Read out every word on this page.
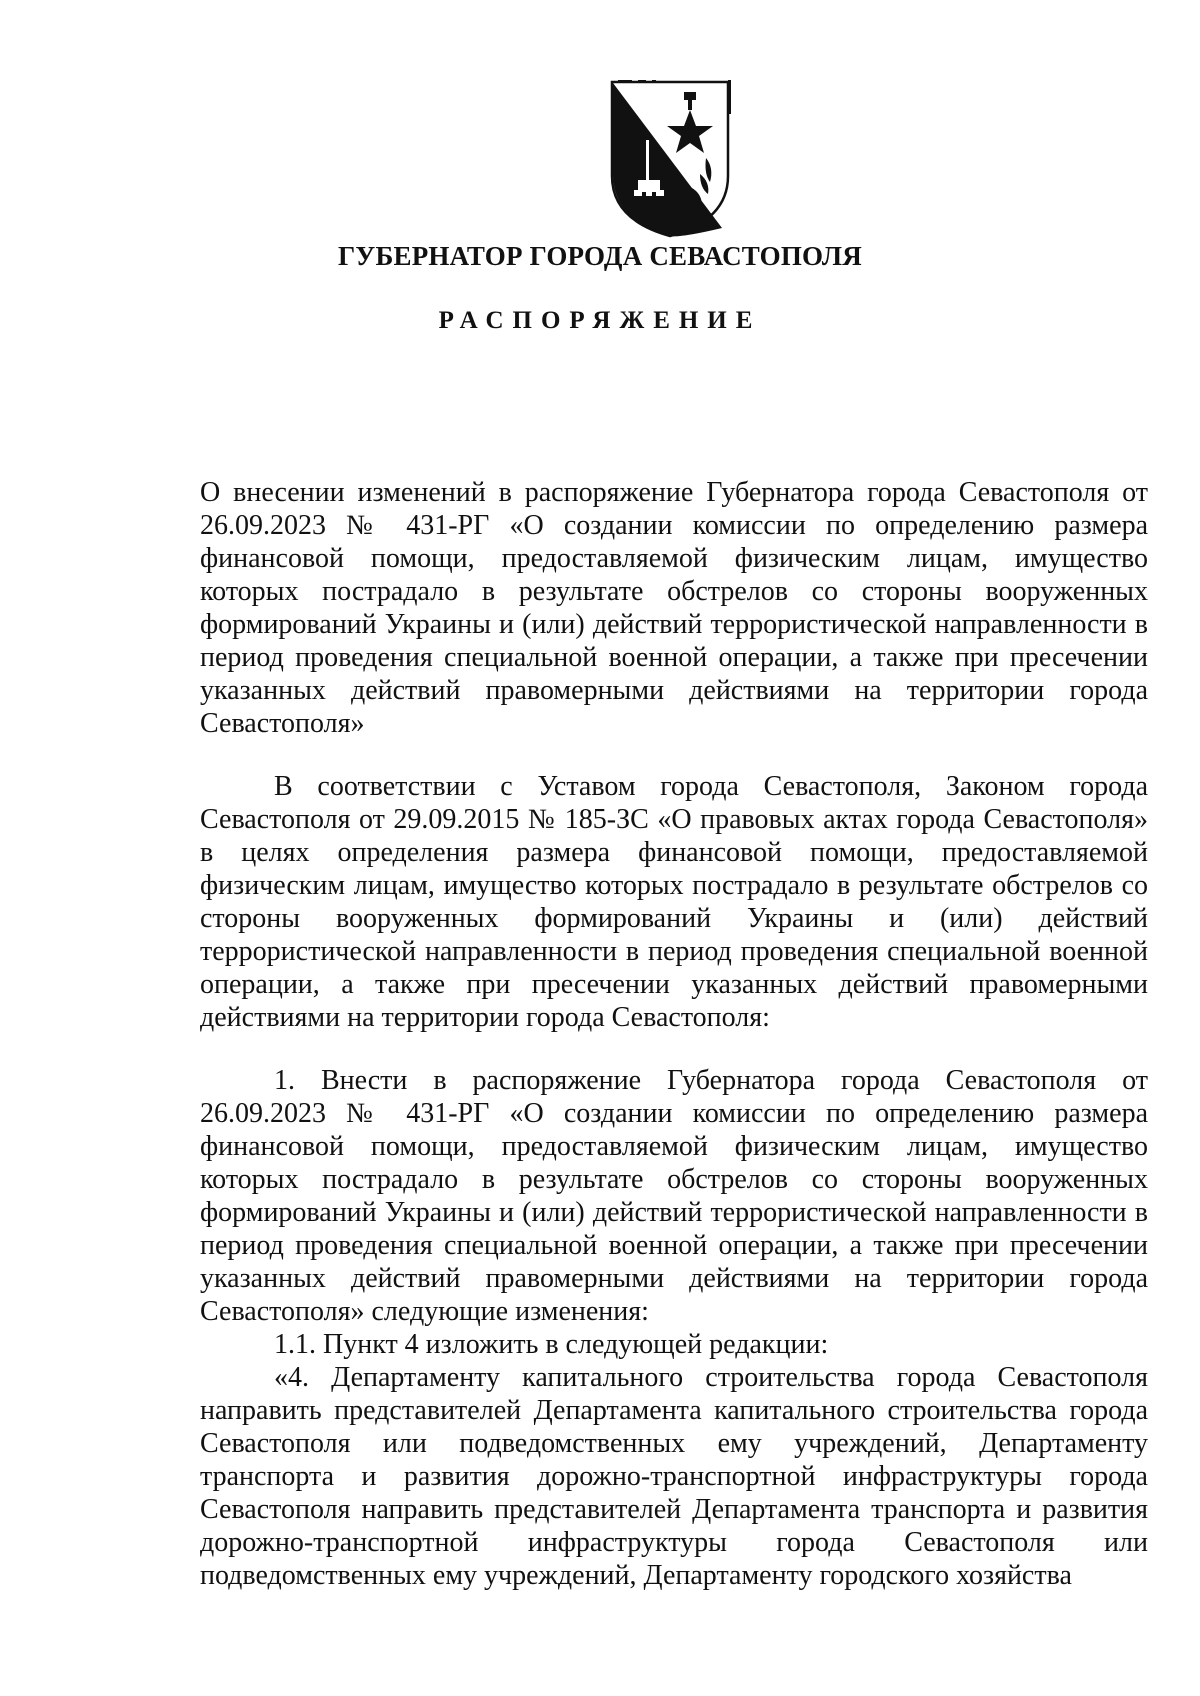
ГУБЕРНАТОР ГОРОДА СЕВАСТОПОЛЯ
РАСПОРЯЖЕНИЕ

О внесении изменений в распоряжение Губернатора города Севастополя от 26.09.2023 № 431-РГ «О создании комиссии по определению размера финансовой помощи, предоставляемой физическим лицам, имущество которых пострадало в результате обстрелов со стороны вооруженных формирований Украины и (или) действий террористической направленности в период проведения специальной военной операции, а также при пресечении указанных действий правомерными действиями на территории города Севастополя»

В соответствии с Уставом города Севастополя, Законом города Севастополя от 29.09.2015 № 185-ЗС «О правовых актах города Севастополя» в целях определения размера финансовой помощи, предоставляемой физическим лицам, имущество которых пострадало в результате обстрелов со стороны вооруженных формирований Украины и (или) действий террористической направленности в период проведения специальной военной операции, а также при пресечении указанных действий правомерными действиями на территории города Севастополя:

1. Внести в распоряжение Губернатора города Севастополя от 26.09.2023 № 431-РГ «О создании комиссии по определению размера финансовой помощи, предоставляемой физическим лицам, имущество которых пострадало в результате обстрелов со стороны вооруженных формирований Украины и (или) действий террористической направленности в период проведения специальной военной операции, а также при пресечении указанных действий правомерными действиями на территории города Севастополя» следующие изменения:

1.1. Пункт 4 изложить в следующей редакции:

«4. Департаменту капитального строительства города Севастополя направить представителей Департамента капитального строительства города Севастополя или подведомственных ему учреждений, Департаменту транспорта и развития дорожно-транспортной инфраструктуры города Севастополя направить представителей Департамента транспорта и развития дорожно-транспортной инфраструктуры города Севастополя или подведомственных ему учреждений, Департаменту городского хозяйства
